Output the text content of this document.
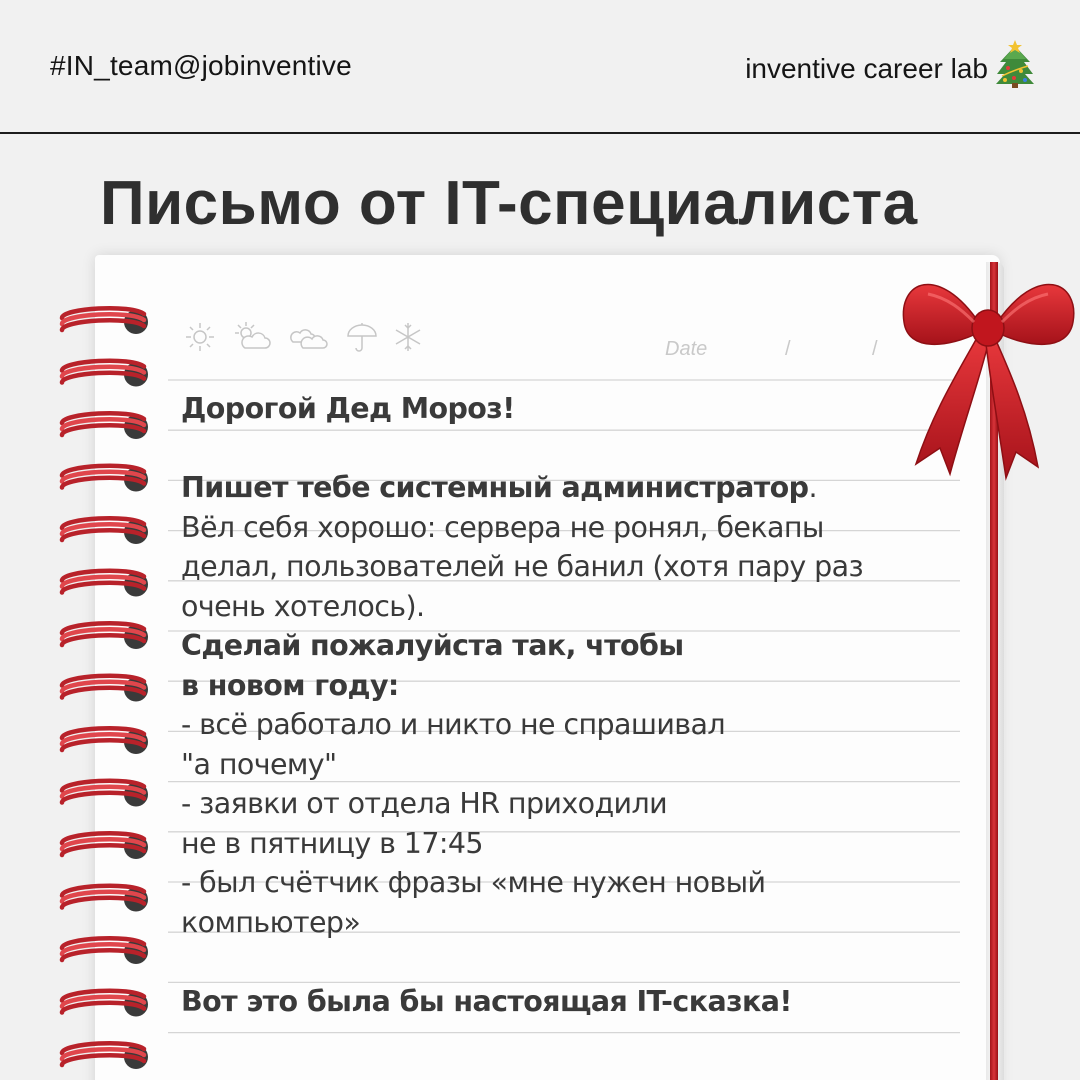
#IN_team@jobinventive	inventive career lab
Письмо от IT-специалиста
Date	/	/
Дорогой Дед Мороз!
Пишет тебе системный администратор.
Вёл себя хорошо: сервера не ронял, бекапы
делал, пользователей не банил (хотя пару раз
очень хотелось).
Сделай пожалуйста так, чтобы
в новом году:
- всё работало и никто не спрашивал
"а почему"
- заявки от отдела HR приходили
не в пятницу в 17:45
- был счётчик фразы «мне нужен новый
компьютер»
Вот это была бы настоящая IT-сказка!
